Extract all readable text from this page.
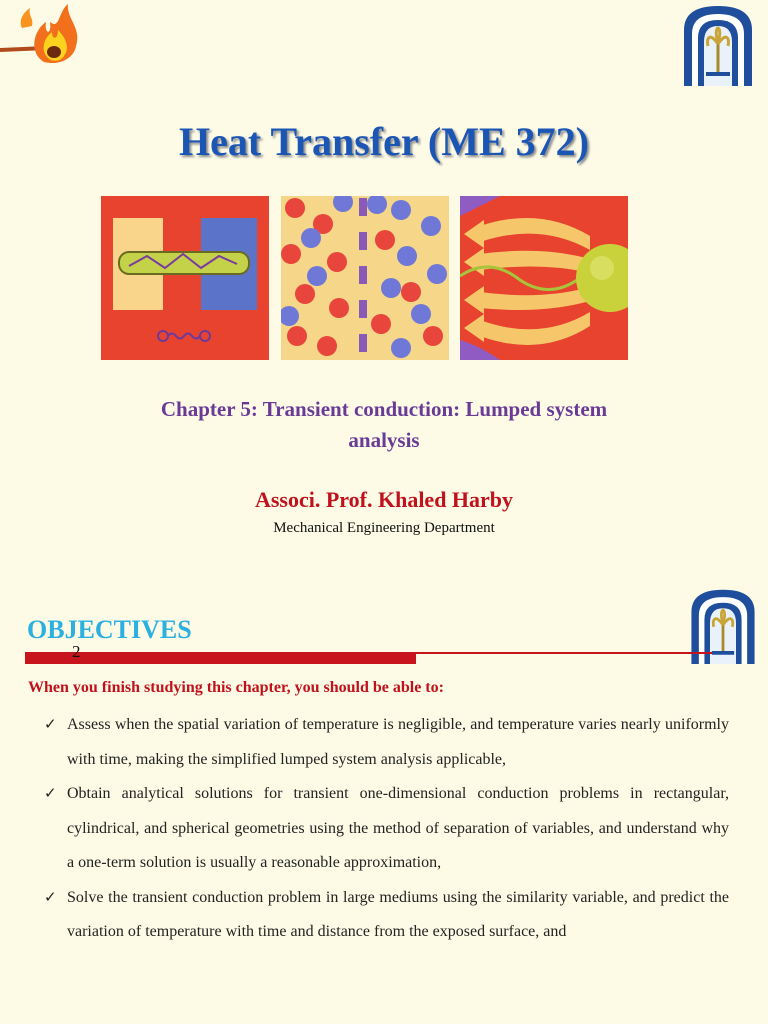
Heat Transfer (ME 372)
Chapter 5: Transient conduction: Lumped system analysis

Associ. Prof. Khaled Harby

Mechanical Engineering Department

OBJECTIVES
2

When you finish studying this chapter, you should be able to:

✓ Assess when the spatial variation of temperature is negligible, and temperature varies nearly uniformly with time, making the simplified lumped system analysis applicable,
✓ Obtain analytical solutions for transient one-dimensional conduction problems in rectangular, cylindrical, and spherical geometries using the method of separation of variables, and understand why a one-term solution is usually a reasonable approximation,
✓ Solve the transient conduction problem in large mediums using the similarity variable, and predict the variation of temperature with time and distance from the exposed surface, and
